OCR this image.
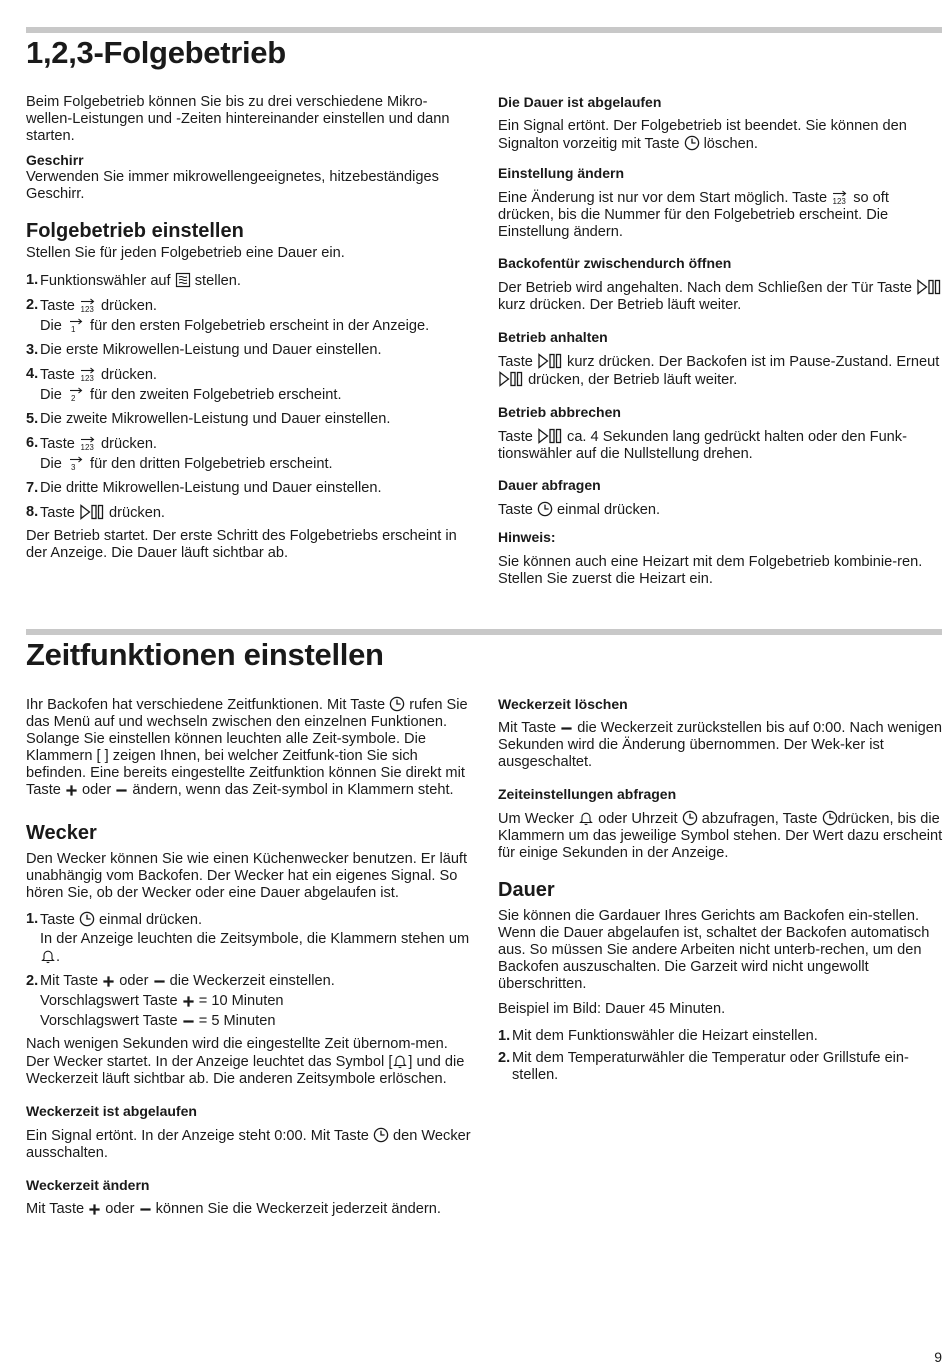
1,2,3-Folgebetrieb

Beim Folgebetrieb können Sie bis zu drei verschiedene Mikro-wellen-Leistungen und -Zeiten hintereinander einstellen und dann starten.

Geschirr

Verwenden Sie immer mikrowellengeeignetes, hitzebeständiges Geschirr.

Folgebetrieb einstellen

Stellen Sie für jeden Folgebetrieb eine Dauer ein.

1. Funktionswähler auf stellen.
2. Taste drücken.
Die für den ersten Folgebetrieb erscheint in der Anzeige.
3. Die erste Mikrowellen-Leistung und Dauer einstellen.
4. Taste drücken.
Die für den zweiten Folgebetrieb erscheint.
5. Die zweite Mikrowellen-Leistung und Dauer einstellen.
6. Taste drücken.
Die für den dritten Folgebetrieb erscheint.
7. Die dritte Mikrowellen-Leistung und Dauer einstellen.
8. Taste drücken.

Der Betrieb startet. Der erste Schritt des Folgebetriebs erscheint in der Anzeige. Die Dauer läuft sichtbar ab.

Die Dauer ist abgelaufen

Ein Signal ertönt. Der Folgebetrieb ist beendet. Sie können den Signalton vorzeitig mit Taste löschen.

Einstellung ändern

Eine Änderung ist nur vor dem Start möglich. Taste so oft drücken, bis die Nummer für den Folgebetrieb erscheint. Die Einstellung ändern.

Backofentür zwischendurch öffnen

Der Betrieb wird angehalten. Nach dem Schließen der Tür Taste  kurz drücken. Der Betrieb läuft weiter.

Betrieb anhalten

Taste kurz drücken. Der Backofen ist im Pause-Zustand. Erneut  drücken, der Betrieb läuft weiter.

Betrieb abbrechen

Taste ca. 4 Sekunden lang gedrückt halten oder den Funk-tionswähler auf die Nullstellung drehen.

Dauer abfragen

Taste einmal drücken.

Hinweis:

Sie können auch eine Heizart mit dem Folgebetrieb kombinie-ren. Stellen Sie zuerst die Heizart ein.

Zeitfunktionen einstellen

Ihr Backofen hat verschiedene Zeitfunktionen. Mit Taste rufen Sie das Menü auf und wechseln zwischen den einzelnen Funktionen. Solange Sie einstellen können leuchten alle Zeit-symbole. Die Klammern [ ] zeigen Ihnen, bei welcher Zeitfunk-tion Sie sich befinden. Eine bereits eingestellte Zeitfunktion können Sie direkt mit Taste oder ändern, wenn das Zeit-symbol in Klammern steht.

Wecker

Den Wecker können Sie wie einen Küchenwecker benutzen. Er läuft unabhängig vom Backofen. Der Wecker hat ein eigenes Signal. So hören Sie, ob der Wecker oder eine Dauer abgelaufen ist.

1. Taste einmal drücken.
In der Anzeige leuchten die Zeitsymbole, die Klammern stehen um .
2. Mit Taste oder die Weckerzeit einstellen.
Vorschlagswert Taste = 10 Minuten
Vorschlagswert Taste = 5 Minuten

Nach wenigen Sekunden wird die eingestellte Zeit übernom-men. Der Wecker startet. In der Anzeige leuchtet das Symbol [ ] und die Weckerzeit läuft sichtbar ab. Die anderen Zeitsymbole erlöschen.

Weckerzeit ist abgelaufen

Ein Signal ertönt. In der Anzeige steht 0:00. Mit Taste den Wecker ausschalten.

Weckerzeit ändern

Mit Taste oder können Sie die Weckerzeit jederzeit ändern.

Weckerzeit löschen

Mit Taste die Weckerzeit zurückstellen bis auf 0:00. Nach wenigen Sekunden wird die Änderung übernommen. Der Wek-ker ist ausgeschaltet.

Zeiteinstellungen abfragen

Um Wecker oder Uhrzeit abzufragen, Taste drücken, bis die Klammern um das jeweilige Symbol stehen. Der Wert dazu erscheint für einige Sekunden in der Anzeige.

Dauer

Sie können die Gardauer Ihres Gerichts am Backofen ein-stellen. Wenn die Dauer abgelaufen ist, schaltet der Backofen automatisch aus. So müssen Sie andere Arbeiten nicht unterb-rechen, um den Backofen auszuschalten. Die Garzeit wird nicht ungewollt überschritten.

Beispiel im Bild: Dauer 45 Minuten.

1. Mit dem Funktionswähler die Heizart einstellen.
2. Mit dem Temperaturwähler die Temperatur oder Grillstufe ein-stellen.
9
